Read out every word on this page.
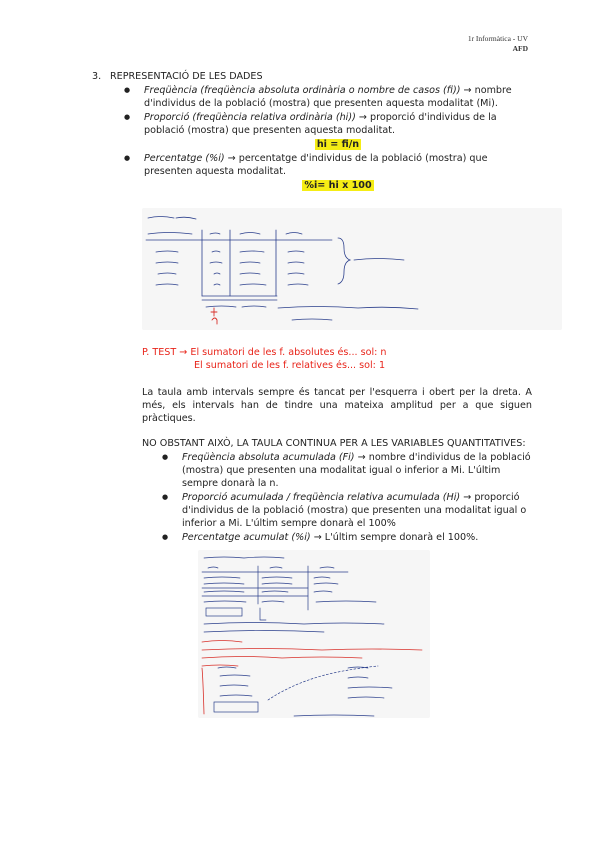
1r Informàtica - UV
AFD
3. REPRESENTACIÓ DE LES DADES
● Freqüència (freqüència absoluta ordinària o nombre de casos (fi)) → nombre d'individus de la població (mostra) que presenten aquesta modalitat (Mi).
● Proporció (freqüència relativa ordinària (hi)) → proporció d'individus de la població (mostra) que presenten aquesta modalitat.
hi = fi/n
● Percentatge (%i) → percentatge d'individus de la població (mostra) que presenten aquesta modalitat.
%i= hi x 100
P. TEST → El sumatori de les f. absolutes és... sol: n
El sumatori de les f. relatives és... sol: 1

La taula amb intervals sempre és tancat per l'esquerra i obert per la dreta. A més, els intervals han de tindre una mateixa amplitud per a que siguen pràctiques.

NO OBSTANT AIXÒ, LA TAULA CONTINUA PER A LES VARIABLES QUANTITATIVES:

● Freqüència absoluta acumulada (Fi) → nombre d'individus de la població (mostra) que presenten una modalitat igual o inferior a Mi. L'últim sempre donarà la n.
● Proporció acumulada / freqüència relativa acumulada (Hi) → proporció d'individus de la població (mostra) que presenten una modalitat igual o inferior a Mi. L'últim sempre donarà el 100%
● Percentatge acumulat (%i) → L'últim sempre donarà el 100%.
